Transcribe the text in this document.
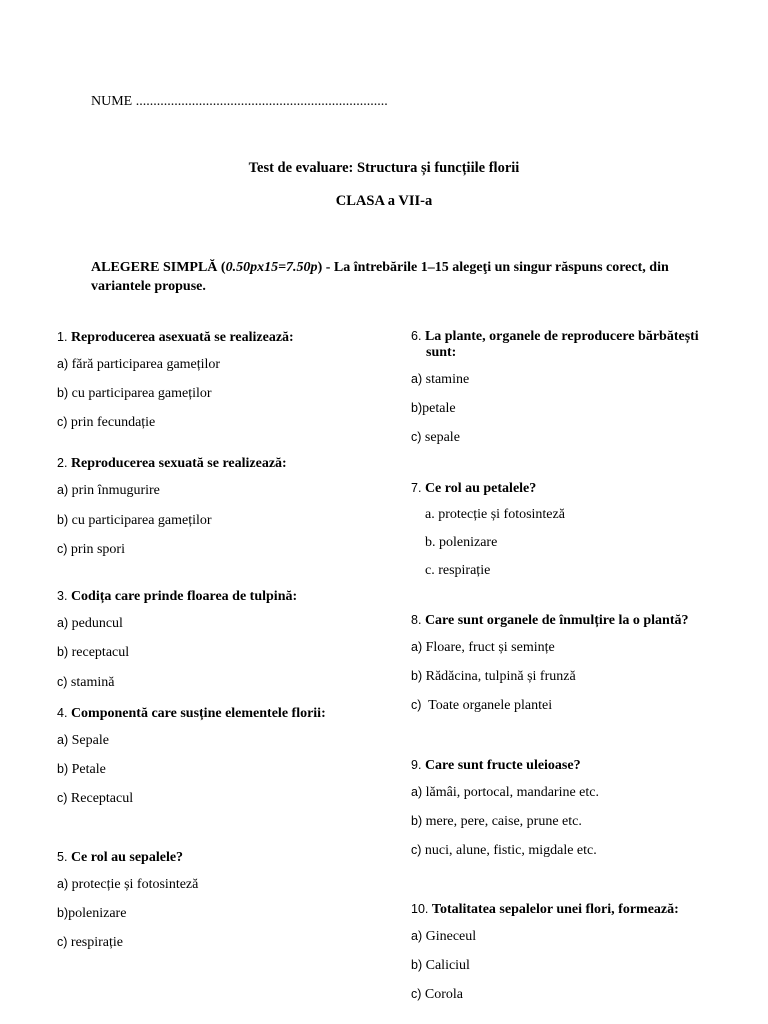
NUME ........................................................................
Test de evaluare: Structura și funcțiile florii
CLASA a VII-a
ALEGERE SIMPLĂ (0.50px15=7.50p) - La întrebările 1–15 alegeţi un singur răspuns corect, din variantele propuse.
1. Reproducerea asexuată se realizează:
a) fără participarea gameților
b) cu participarea gameților
c) prin fecundație
2. Reproducerea sexuată se realizează:
a) prin înmugurire
b) cu participarea gameților
c) prin spori
3. Codița care prinde floarea de tulpină:
a) peduncul
b) receptacul
c) stamină
4. Componentă care susține elementele florii:
a) Sepale
b) Petale
c) Receptacul
5. Ce rol au sepalele?
a) protecție și fotosinteză
b)polenizare
c) respirație
6. La plante, organele de reproducere bărbătești
sunt:
a) stamine
b)petale
c) sepale
7. Ce rol au petalele?
a. protecție și fotosinteză
b. polenizare
c. respirație
8. Care sunt organele de înmulțire la o plantă?
a) Floare, fruct și semințe
b) Rădăcina, tulpină și frunză
c) Toate organele plantei
9. Care sunt fructe uleioase?
a) lămâi, portocal, mandarine etc.
b) mere, pere, caise, prune etc.
c) nuci, alune, fistic, migdale etc.
10. Totalitatea sepalelor unei flori, formează:
a) Gineceul
b) Caliciul
c) Corola
